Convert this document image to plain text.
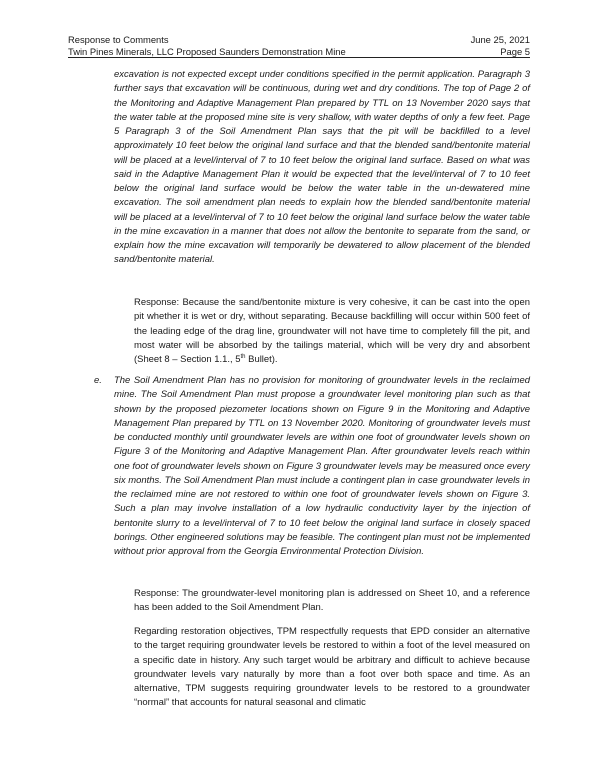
Response to Comments	June 25, 2021
Twin Pines Minerals, LLC Proposed Saunders Demonstration Mine	Page 5
excavation is not expected except under conditions specified in the permit application. Paragraph 3 further says that excavation will be continuous, during wet and dry conditions. The top of Page 2 of the Monitoring and Adaptive Management Plan prepared by TTL on 13 November 2020 says that the water table at the proposed mine site is very shallow, with water depths of only a few feet. Page 5 Paragraph 3 of the Soil Amendment Plan says that the pit will be backfilled to a level approximately 10 feet below the original land surface and that the blended sand/bentonite material will be placed at a level/interval of 7 to 10 feet below the original land surface. Based on what was said in the Adaptive Management Plan it would be expected that the level/interval of 7 to 10 feet below the original land surface would be below the water table in the un-dewatered mine excavation. The soil amendment plan needs to explain how the blended sand/bentonite material will be placed at a level/interval of 7 to 10 feet below the original land surface below the water table in the mine excavation in a manner that does not allow the bentonite to separate from the sand, or explain how the mine excavation will temporarily be dewatered to allow placement of the blended sand/bentonite material.
Response: Because the sand/bentonite mixture is very cohesive, it can be cast into the open pit whether it is wet or dry, without separating. Because backfilling will occur within 500 feet of the leading edge of the drag line, groundwater will not have time to completely fill the pit, and most water will be absorbed by the tailings material, which will be very dry and absorbent (Sheet 8 – Section 1.1., 5th Bullet).
e. The Soil Amendment Plan has no provision for monitoring of groundwater levels in the reclaimed mine. The Soil Amendment Plan must propose a groundwater level monitoring plan such as that shown by the proposed piezometer locations shown on Figure 9 in the Monitoring and Adaptive Management Plan prepared by TTL on 13 November 2020. Monitoring of groundwater levels must be conducted monthly until groundwater levels are within one foot of groundwater levels shown on Figure 3 of the Monitoring and Adaptive Management Plan. After groundwater levels reach within one foot of groundwater levels shown on Figure 3 groundwater levels may be measured once every six months. The Soil Amendment Plan must include a contingent plan in case groundwater levels in the reclaimed mine are not restored to within one foot of groundwater levels shown on Figure 3. Such a plan may involve installation of a low hydraulic conductivity layer by the injection of bentonite slurry to a level/interval of 7 to 10 feet below the original land surface in closely spaced borings. Other engineered solutions may be feasible. The contingent plan must not be implemented without prior approval from the Georgia Environmental Protection Division.
Response: The groundwater-level monitoring plan is addressed on Sheet 10, and a reference has been added to the Soil Amendment Plan.
Regarding restoration objectives, TPM respectfully requests that EPD consider an alternative to the target requiring groundwater levels be restored to within a foot of the level measured on a specific date in history. Any such target would be arbitrary and difficult to achieve because groundwater levels vary naturally by more than a foot over both space and time. As an alternative, TPM suggests requiring groundwater levels to be restored to a groundwater “normal” that accounts for natural seasonal and climatic
